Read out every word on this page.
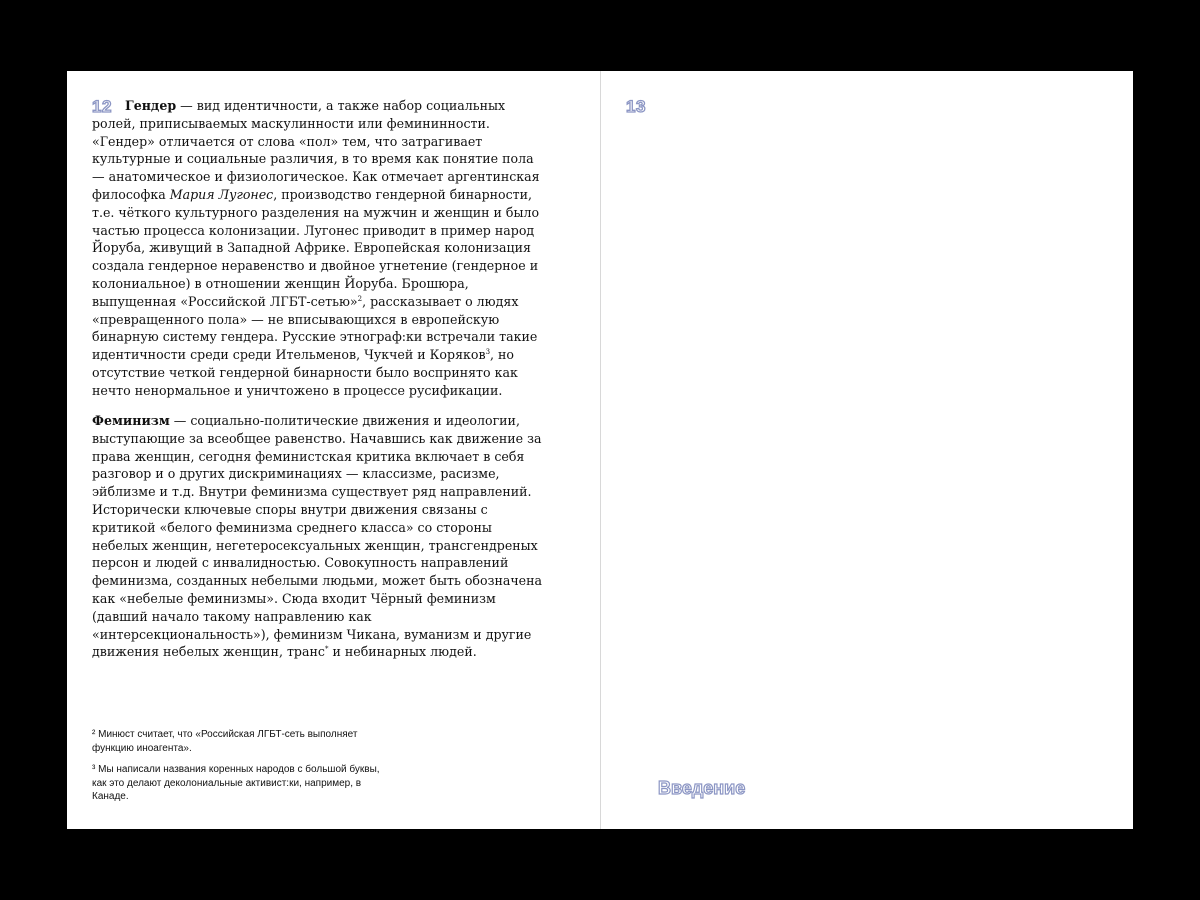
12	Гендер — вид идентичности, а также набор социальных ролей, приписываемых маскулинности или фемининности. «Гендер» отличается от слова «пол» тем, что затрагивает культурные и социальные различия, в то время как понятие пола — анатомическое и физиологическое. Как отмечает аргентинская философка Мария Лугонес, производство гендерной бинарности, т.е. чёткого культурного разделения на мужчин и женщин и было частью процесса колонизации. Лугонес приводит в пример народ Йоруба, живущий в Западной Африке. Европейская колонизация создала гендерное неравенство и двойное угнетение (гендерное и колониальное) в отношении женщин Йоруба. Брошюра, выпущенная «Российской ЛГБТ-сетью»$^2$, рассказывает о людях «превращенного пола» — не вписывающихся в европейскую бинарную систему гендера. Русские этнограф:ки встречали такие идентичности среди среди Ительменов, Чукчей и Коряков$^3$, но отсутствие четкой гендерной бинарности было воспринято как нечто ненормальное и уничтожено в процессе русификации.

Феминизм — социально-политические движения и идеологии, выступающие за всеобщее равенство. Начавшись как движение за права женщин, сегодня феминистская критика включает в себя разговор и о других дискриминациях — классизме, расизме, эйблизме и т.д. Внутри феминизма существует ряд направлений. Исторически ключевые споры внутри движения связаны с критикой «белого феминизма среднего класса» со стороны небелых женщин, негетеросексуальных женщин, трансгендреных персон и людей с инвалидностью. Совокупность направлений феминизма, созданных небелыми людьми, может быть обозначена как «небелые феминизмы». Сюда входит Чёрный феминизм (давший начало такому направлению как «интерсекциональность»), феминизм Чикана, вуманизм и другие движения небелых женщин, транс* и небинарных людей.

² Минюст считает, что «Российская ЛГБТ-сеть выполняет функцию иноагента».

³ Мы написали названия коренных народов с большой буквы, как это делают деколониальные активист:ки, например, в Канаде.

13
Введение
